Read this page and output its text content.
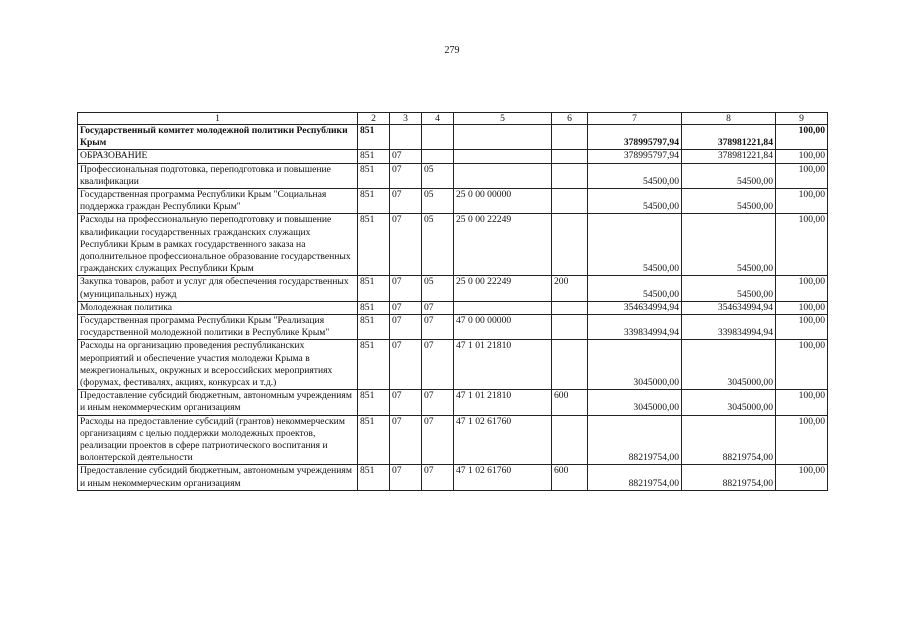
279
1	2	3	4	5	6	7	8	9
Государственный комитет молодежной политики Республики Крым	851					378995797,94	378981221,84	100,00
ОБРАЗОВАНИЕ	851	07				378995797,94	378981221,84	100,00
Профессиональная подготовка, переподготовка и повышение квалификации	851	07	05			54500,00	54500,00	100,00
Государственная программа Республики Крым "Социальная поддержка граждан Республики Крым"	851	07	05	25 0 00 00000		54500,00	54500,00	100,00
Расходы на профессиональную переподготовку и повышение квалификации государственных гражданских служащих Республики Крым в рамках государственного заказа на дополнительное профессиональное образование государственных гражданских служащих Республики Крым	851	07	05	25 0 00 22249		54500,00	54500,00	100,00
Закупка товаров, работ и услуг для обеспечения государственных (муниципальных) нужд	851	07	05	25 0 00 22249	200	54500,00	54500,00	100,00
Молодежная политика	851	07	07			354634994,94	354634994,94	100,00
Государственная программа Республики Крым "Реализация государственной молодежной политики в Республике Крым"	851	07	07	47 0 00 00000		339834994,94	339834994,94	100,00
Расходы на организацию проведения республиканских мероприятий и обеспечение участия молодежи Крыма в межрегиональных, окружных и всероссийских мероприятиях (форумах, фестивалях, акциях, конкурсах и т.д.)	851	07	07	47 1 01 21810		3045000,00	3045000,00	100,00
Предоставление субсидий бюджетным, автономным учреждениям и иным некоммерческим организациям	851	07	07	47 1 01 21810	600	3045000,00	3045000,00	100,00
Расходы на предоставление субсидий (грантов) некоммерческим организациям с целью поддержки молодежных проектов, реализации проектов в сфере патриотического воспитания и волонтерской деятельности	851	07	07	47 1 02 61760		88219754,00	88219754,00	100,00
Предоставление субсидий бюджетным, автономным учреждениям и иным некоммерческим организациям	851	07	07	47 1 02 61760	600	88219754,00	88219754,00	100,00
